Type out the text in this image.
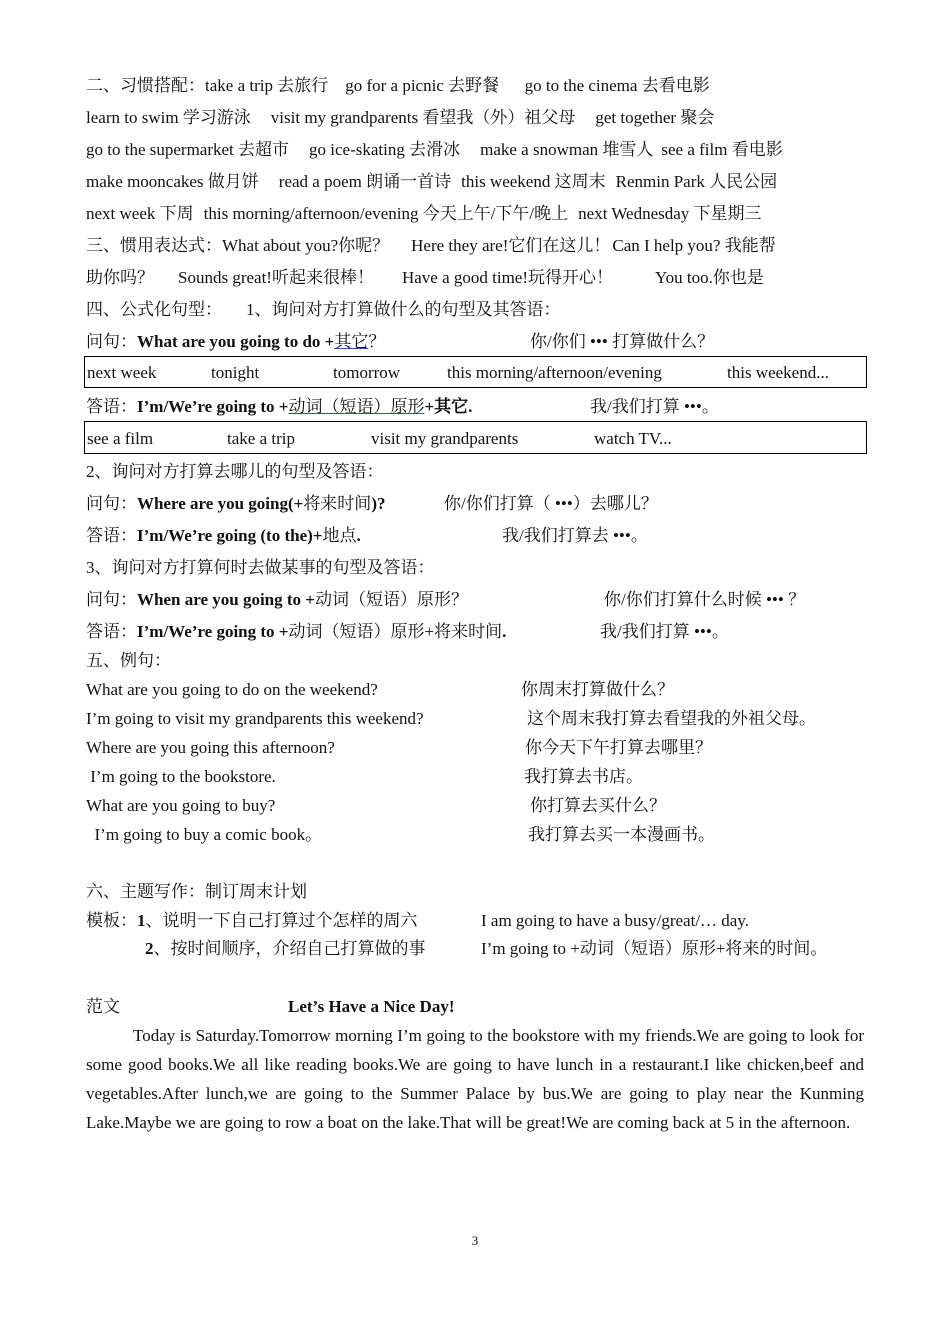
二、习惯搭配：take a trip 去旅行    go for a picnic 去野餐      go to the cinema 去看电影
learn to swim 学习游泳 visit my grandparents 看望我（外）祖父母 get together 聚会
go to the supermarket 去超市 go ice-skating 去滑冰 make a snowman 堆雪人 see a film 看电影
make mooncakes 做月饼 read a poem 朗诵一首诗 this weekend 这周末 Renmin Park 人民公园
next week 下周 this morning/afternoon/evening 今天上午/下午/晚上 next Wednesday 下星期三
三、惯用表达式：What about you?你呢？ Here they are!它们在这儿！ Can I help you? 我能帮
助你吗？ Sounds great!听起来很棒！ Have a good time!玩得开心！ You too.你也是
四、公式化句型： 1、询问对方打算做什么的句型及其答语：
问句：What are you going to do +其它？	你/你们 ••• 打算做什么？
next week	tonight	tomorrow	this morning/afternoon/evening	this weekend...
答语：I’m/We’re going to +动词（短语）原形+其它.	我/我们打算 •••。
see a film	take a trip	visit my grandparents	watch TV...
2、询问对方打算去哪儿的句型及答语：
问句：Where are you going(+将来时间)?	你/你们打算（ •••）去哪儿？
答语：I’m/We’re going (to the)+地点.	我/我们打算去 •••。
3、询问对方打算何时去做某事的句型及答语：
问句：When are you going to +动词（短语）原形？	你/你们打算什么时候 ••• ？
答语：I’m/We’re going to +动词（短语）原形+将来时间.	我/我们打算 •••。
五、例句：
What are you going to do on the weekend?	你周末打算做什么？
I’m going to visit my grandparents this weekend?	这个周末我打算去看望我的外祖父母。
Where are you going this afternoon?	你今天下午打算去哪里？
I’m going to the bookstore.	我打算去书店。
What are you going to buy?	你打算去买什么？
I’m going to buy a comic book。	我打算去买一本漫画书。
六、主题写作：制订周末计划
模板：1、说明一下自己打算过个怎样的周六	I am going to have a busy/great/… day.
2、按时间顺序，介绍自己打算做的事	I’m going to +动词（短语）原形+将来的时间。
范文	Let’s Have a Nice Day!
Today is Saturday.Tomorrow morning I’m going to the bookstore with my friends.We are going to look for some good books.We all like reading books.We are going to have lunch in a restaurant.I like chicken,beef and vegetables.After lunch,we are going to the Summer Palace by bus.We are going to play near the Kunming Lake.Maybe we are going to row a boat on the lake.That will be great!We are coming back at 5 in the afternoon.
3
